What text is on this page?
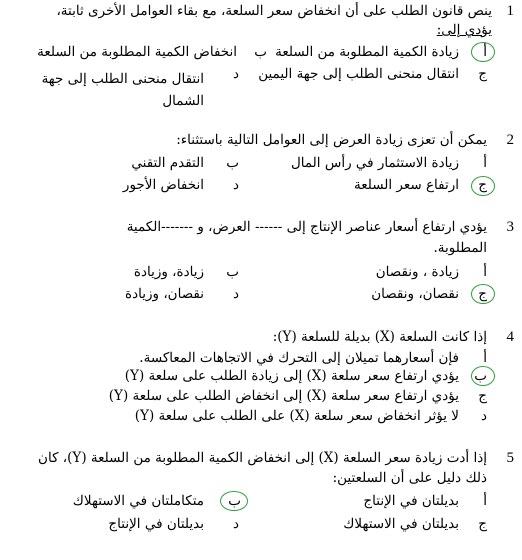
1
ينص قانون الطلب على أن انخفاض سعر السلعة، مع بقاء العوامل الأخرى ثابتة،
يؤدي إلى:
أ
زيادة الكمية المطلوبة من السلعة
ب
انخفاض الكمية المطلوبة من السلعة
ج
انتقال منحنى الطلب إلى جهة اليمين
د
انتقال منحنى الطلب إلى جهة الشمال
2
يمكن أن تعزى زيادة العرض إلى العوامل التالية باستثناء:
أ
زيادة الاستثمار في رأس المال
ب
التقدم التقني
ج
ارتفاع سعر السلعة
د
انخفاض الأجور
3
يؤدي ارتفاع أسعار عناصر الإنتاج إلى ------ العرض، و -------الكمية
المطلوبة.
أ
زيادة ، ونقصان
ب
زيادة، وزيادة
ج
نقصان، ونقصان
د
نقصان، وزيادة
4
إذا كانت السلعة (X) بديلة للسلعة (Y):
أ
فإن أسعارهما تميلان إلى التحرك في الاتجاهات المعاكسة.
ب
يؤدي ارتفاع سعر سلعة (X) إلى زيادة الطلب على سلعة (Y)
ج
يؤدي ارتفاع سعر سلعة (X) إلى انخفاض الطلب على سلعة (Y)
د
لا يؤثر انخفاض سعر سلعة (X) على الطلب على سلعة (Y)
5
إذا أدت زيادة سعر السلعة (X) إلى انخفاض الكمية المطلوبة من السلعة (Y)، كان
ذلك دليل على أن السلعتين:
أ
بديلتان في الإنتاج
ب
متكاملتان في الاستهلاك
ج
بديلتان في الاستهلاك
د
بديلتان في الإنتاج
